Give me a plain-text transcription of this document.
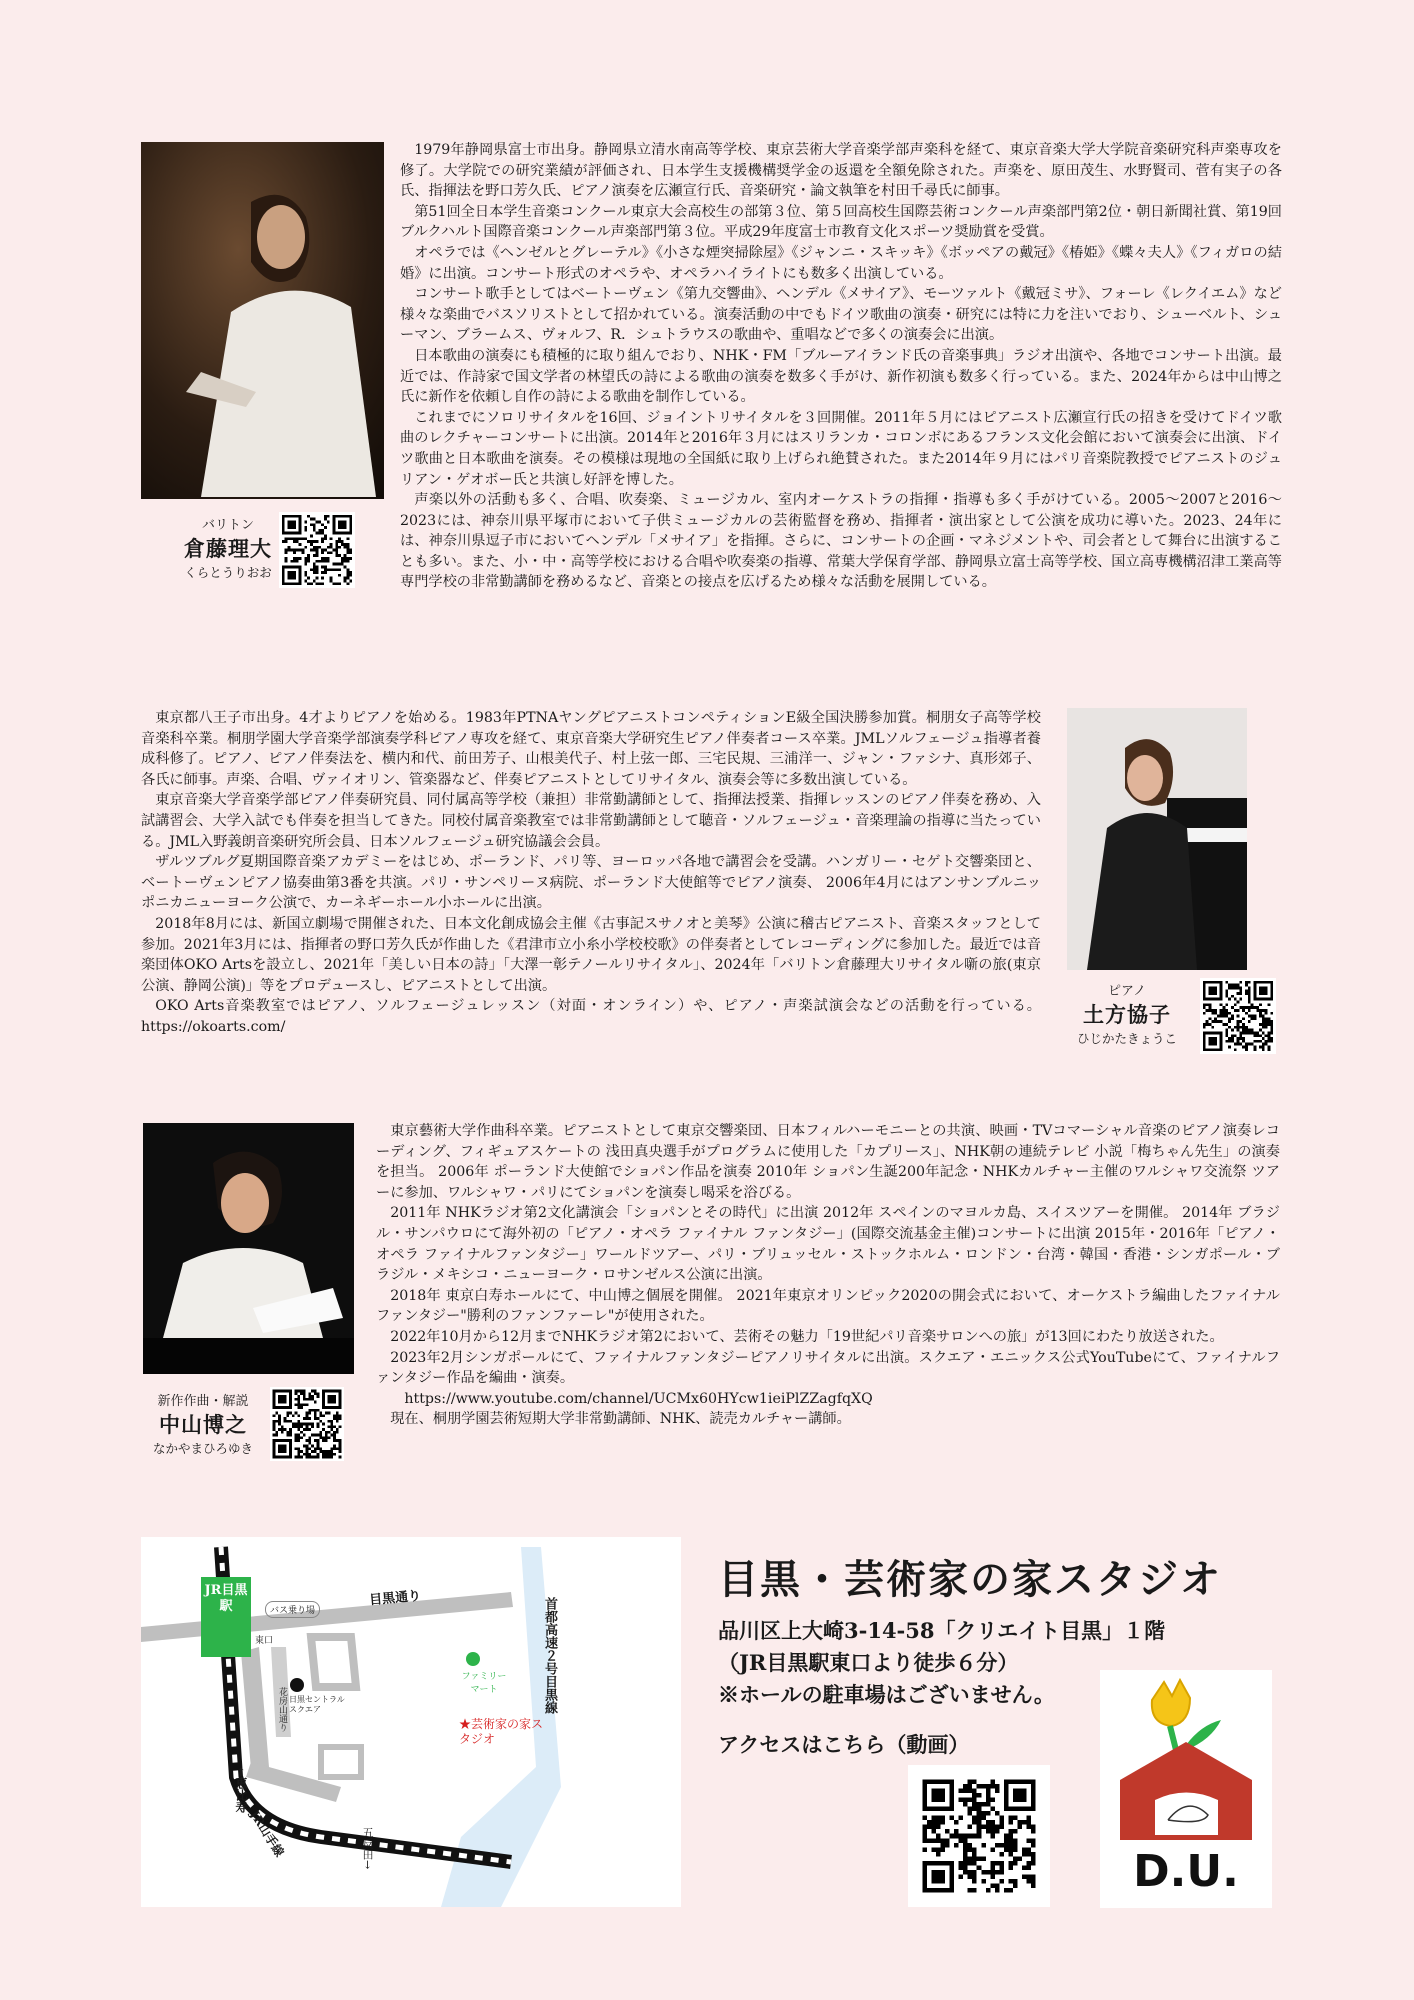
バリトン
倉藤理大
くらとうりおお

1979年静岡県富士市出身。静岡県立清水南高等学校、東京芸術大学音楽学部声楽科を経て、東京音楽大学大学院音楽研究科声楽専攻を修了。大学院での研究業績が評価され、日本学生支援機構奨学金の返還を全額免除された。声楽を、原田茂生、水野賢司、菅有実子の各氏、指揮法を野口芳久氏、ピアノ演奏を広瀬宣行氏、音楽研究・論文執筆を村田千尋氏に師事。

第51回全日本学生音楽コンクール東京大会高校生の部第３位、第５回高校生国際芸術コンクール声楽部門第2位・朝日新聞社賞、第19回ブルクハルト国際音楽コンクール声楽部門第３位。平成29年度富士市教育文化スポーツ奨励賞を受賞。

オペラでは《ヘンゼルとグレーテル》《小さな煙突掃除屋》《ジャンニ・スキッキ》《ボッペアの戴冠》《椿姫》《蝶々夫人》《フィガロの結婚》に出演。コンサート形式のオペラや、オペラハイライトにも数多く出演している。

コンサート歌手としてはベートーヴェン《第九交響曲》、ヘンデル《メサイア》、モーツァルト《戴冠ミサ》、フォーレ《レクイエム》など様々な楽曲でバスソリストとして招かれている。演奏活動の中でもドイツ歌曲の演奏・研究には特に力を注いでおり、シューベルト、シューマン、ブラームス、ヴォルフ、R．シュトラウスの歌曲や、重唱などで多くの演奏会に出演。

日本歌曲の演奏にも積極的に取り組んでおり、NHK・FM「ブルーアイランド氏の音楽事典」ラジオ出演や、各地でコンサート出演。最近では、作詩家で国文学者の林望氏の詩による歌曲の演奏を数多く手がけ、新作初演も数多く行っている。また、2024年からは中山博之氏に新作を依頼し自作の詩による歌曲を制作している。

これまでにソロリサイタルを16回、ジョイントリサイタルを３回開催。2011年５月にはピアニスト広瀬宣行氏の招きを受けてドイツ歌曲のレクチャーコンサートに出演。2014年と2016年３月にはスリランカ・コロンボにあるフランス文化会館において演奏会に出演、ドイツ歌曲と日本歌曲を演奏。その模様は現地の全国紙に取り上げられ絶賛された。また2014年９月にはパリ音楽院教授でピアニストのジュリアン・ゲオボー氏と共演し好評を博した。

声楽以外の活動も多く、合唱、吹奏楽、ミュージカル、室内オーケストラの指揮・指導も多く手がけている。2005〜2007と2016〜2023には、神奈川県平塚市において子供ミュージカルの芸術監督を務め、指揮者・演出家として公演を成功に導いた。2023、24年には、神奈川県逗子市においてヘンデル「メサイア」を指揮。さらに、コンサートの企画・マネジメントや、司会者として舞台に出演することも多い。また、小・中・高等学校における合唱や吹奏楽の指導、常葉大学保育学部、静岡県立富士高等学校、国立高専機構沼津工業高等専門学校の非常勤講師を務めるなど、音楽との接点を広げるため様々な活動を展開している。

東京都八王子市出身。4才よりピアノを始める。1983年PTNAヤングピアニストコンペティションE級全国決勝参加賞。桐朋女子高等学校音楽科卒業。桐朋学園大学音楽学部演奏学科ピアノ専攻を経て、東京音楽大学研究生ピアノ伴奏者コース卒業。JMLソルフェージュ指導者養成科修了。ピアノ、ピアノ伴奏法を、横内和代、前田芳子、山根美代子、村上弦一郎、三宅民規、三浦洋一、ジャン・ファシナ、真形郊子、各氏に師事。声楽、合唱、ヴァイオリン、管楽器など、伴奏ピアニストとしてリサイタル、演奏会等に多数出演している。

東京音楽大学音楽学部ピアノ伴奏研究員、同付属高等学校（兼担）非常勤講師として、指揮法授業、指揮レッスンのピアノ伴奏を務め、入試講習会、大学入試でも伴奏を担当してきた。同校付属音楽教室では非常勤講師として聴音・ソルフェージュ・音楽理論の指導に当たっている。JML入野義朗音楽研究所会員、日本ソルフェージュ研究協議会会員。

ザルツブルグ夏期国際音楽アカデミーをはじめ、ポーランド、パリ等、ヨーロッパ各地で講習会を受講。ハンガリー・セゲト交響楽団と、ベートーヴェンピアノ協奏曲第3番を共演。パリ・サンペリーヌ病院、ポーランド大使館等でピアノ演奏、 2006年4月にはアンサンブルニッポニカニューヨーク公演で、カーネギーホール小ホールに出演。

2018年8月には、新国立劇場で開催された、日本文化創成協会主催《古事記スサノオと美琴》公演に稽古ピアニスト、音楽スタッフとして参加。2021年3月には、指揮者の野口芳久氏が作曲した《君津市立小糸小学校校歌》の伴奏者としてレコーディングに参加した。最近では音楽団体OKO Artsを設立し、2021年「美しい日本の詩」「大澤一彰テノールリサイタル」、2024年「バリトン倉藤理大リサイタル噺の旅(東京公演、静岡公演)」等をプロデュースし、ピアニストとして出演。

OKO Arts音楽教室ではピアノ、ソルフェージュレッスン（対面・オンライン）や、ピアノ・声楽試演会などの活動を行っている。 https://okoarts.com/

ピアノ
土方協子
ひじかたきょうこ
新作作曲・解説
中山博之
なかやまひろゆき

東京藝術大学作曲科卒業。ピアニストとして東京交響楽団、日本フィルハーモニーとの共演、映画・TVコマーシャル音楽のピアノ演奏レコーディング、フィギュアスケートの 浅田真央選手がプログラムに使用した「カプリース」、NHK朝の連続テレビ 小説「梅ちゃん先生」の演奏を担当。 2006年 ポーランド大使館でショパン作品を演奏 2010年 ショパン生誕200年記念・NHKカルチャー主催のワルシャワ交流祭 ツアーに参加、ワルシャワ・パリにてショパンを演奏し喝采を浴びる。

2011年 NHKラジオ第2文化講演会「ショパンとその時代」に出演 2012年 スペインのマヨルカ島、スイスツアーを開催。 2014年 ブラジル・サンパウロにて海外初の「ピアノ・オペラ ファイナル ファンタジー」(国際交流基金主催)コンサートに出演 2015年・2016年「ピアノ・オペラ ファイナルファンタジー」ワールドツアー、パリ・ブリュッセル・ストックホルム・ロンドン・台湾・韓国・香港・シンガポール・ブラジル・メキシコ・ニューヨーク・ロサンゼルス公演に出演。

2018年 東京白寿ホールにて、中山博之個展を開催。 2021年東京オリンピック2020の開会式において、オーケストラ編曲したファイナルファンタジー"勝利のファンファーレ"が使用された。

2022年10月から12月までNHKラジオ第2において、芸術その魅力「19世紀パリ音楽サロンへの旅」が13回にわたり放送された。

2023年2月シンガポールにて、ファイナルファンタジーピアノリサイタルに出演。スクエア・エニックス公式YouTubeにて、ファイナルファンタジー作品を編曲・演奏。

https://www.youtube.com/channel/UCMx60HYcw1ieiPlZZagfqXQ

現在、桐朋学園芸術短期大学非常勤講師、NHK、読売カルチャー講師。

JR目黒駅
東口
バス乗り場
目黒通り	首都高速２号目黒線
ファミリーマート
日黒セントラルスクエア
花房山通り
←恵比寿
JR山手線	五反田→
★芸術家の家スタジオ
目黒・芸術家の家スタジオ
品川区上大崎3-14-58「クリエイト目黒」１階
（JR目黒駅東口より徒歩６分）
※ホールの駐車場はございません。
アクセスはこちら（動画）
D.U.
